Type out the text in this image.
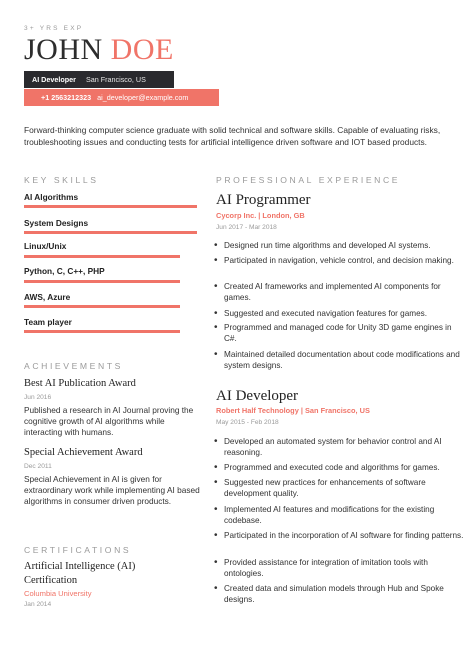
3+ YRS EXP
JOHN DOE
AI Developer San Francisco, US
+1 2563212323 ai_developer@example.com
Forward-thinking computer science graduate with solid technical and software skills. Capable of evaluating risks, troubleshooting issues and conducting tests for artificial intelligence driven software and IOT based products.
KEY SKILLS
AI Algorithms
System Designs
Linux/Unix
Python, C, C++, PHP
AWS, Azure
Team player
ACHIEVEMENTS
Best AI Publication Award
Jun 2016
Published a research in AI Journal proving the cognitive growth of AI algorithms while interacting with humans.
Special Achievement Award
Dec 2011
Special Achievement in AI is given for extraordinary work while implementing AI based algorithms in consumer driven products.
CERTIFICATIONS
Artificial Intelligence (AI)
Certification
Columbia University
Jan 2014
PROFESSIONAL EXPERIENCE
AI Programmer
Cycorp Inc. | London, GB
Jun 2017 - Mar 2018
• Designed run time algorithms and developed AI systems.
• Participated in navigation, vehicle control, and decision making.
• Created AI frameworks and implemented AI components for games.
• Suggested and executed navigation features for games.
• Programmed and managed code for Unity 3D game engines in C#.
• Maintained detailed documentation about code modifications and system designs.
AI Developer
Robert Half Technology | San Francisco, US
May 2015 - Feb 2018
• Developed an automated system for behavior control and AI reasoning.
• Programmed and executed code and algorithms for games.
• Suggested new practices for enhancements of software development quality.
• Implemented AI features and modifications for the existing codebase.
• Participated in the incorporation of AI software for finding patterns.
• Provided assistance for integration of imitation tools with ontologies.
• Created data and simulation models through Hub and Spoke designs.
